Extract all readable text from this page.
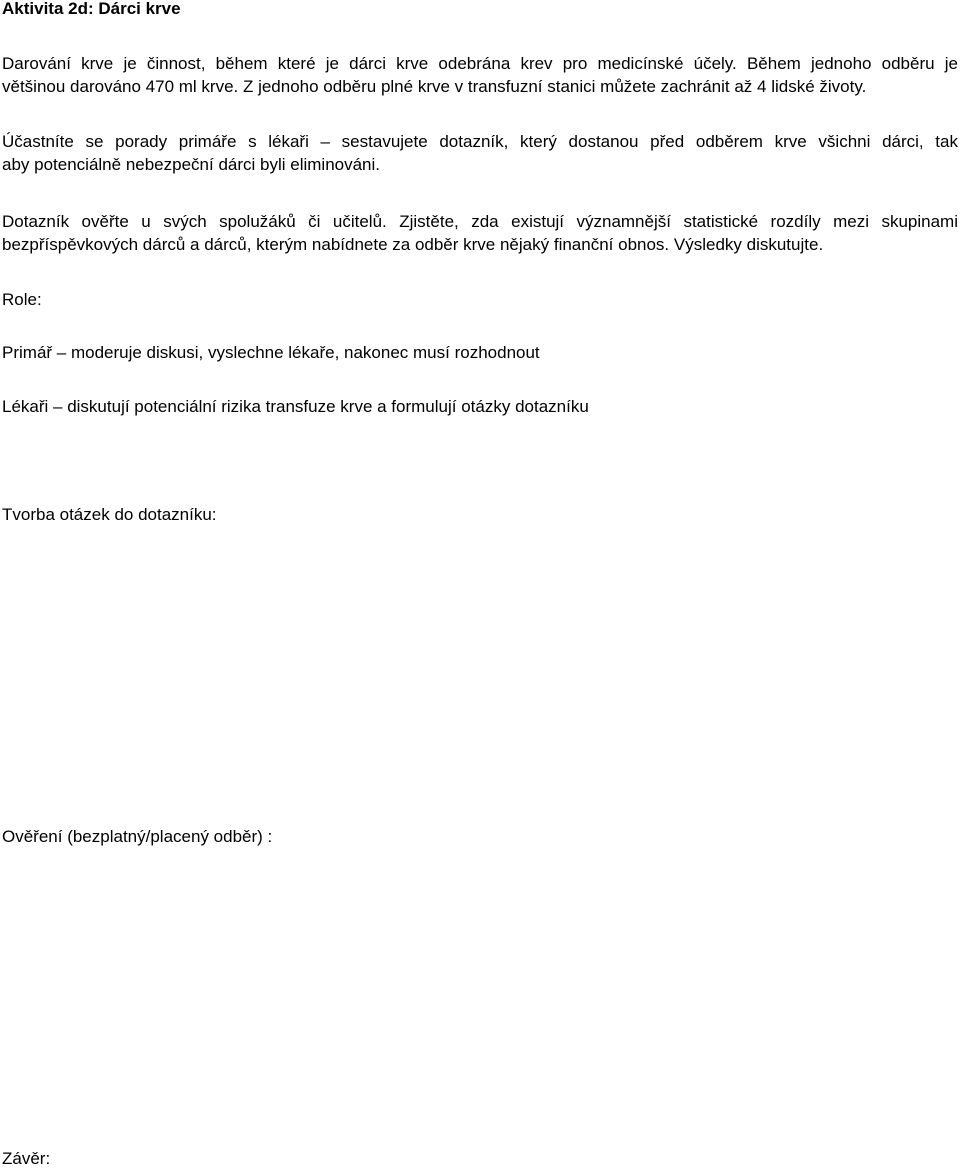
Aktivita 2d: Dárci krve

Darování krve je činnost, během které je dárci krve odebrána krev pro medicínské účely. Během jednoho odběru je
většinou darováno 470 ml krve. Z jednoho odběru plné krve v transfuzní stanici můžete zachránit až 4 lidské životy.

Účastníte se porady primáře s lékaři – sestavujete dotazník, který dostanou před odběrem krve všichni dárci, tak
aby potenciálně nebezpeční dárci byli eliminováni.

Dotazník ověřte u svých spolužáků či učitelů. Zjistěte, zda existují významnější statistické rozdíly mezi skupinami
bezpříspěvkových dárců a dárců, kterým nabídnete za odběr krve nějaký finanční obnos. Výsledky diskutujte.

Role:

Primář – moderuje diskusi, vyslechne lékaře, nakonec musí rozhodnout

Lékaři – diskutují potenciální rizika transfuze krve a formulují otázky dotazníku

Tvorba otázek do dotazníku:

Ověření (bezplatný/placený odběr) :

Závěr:
